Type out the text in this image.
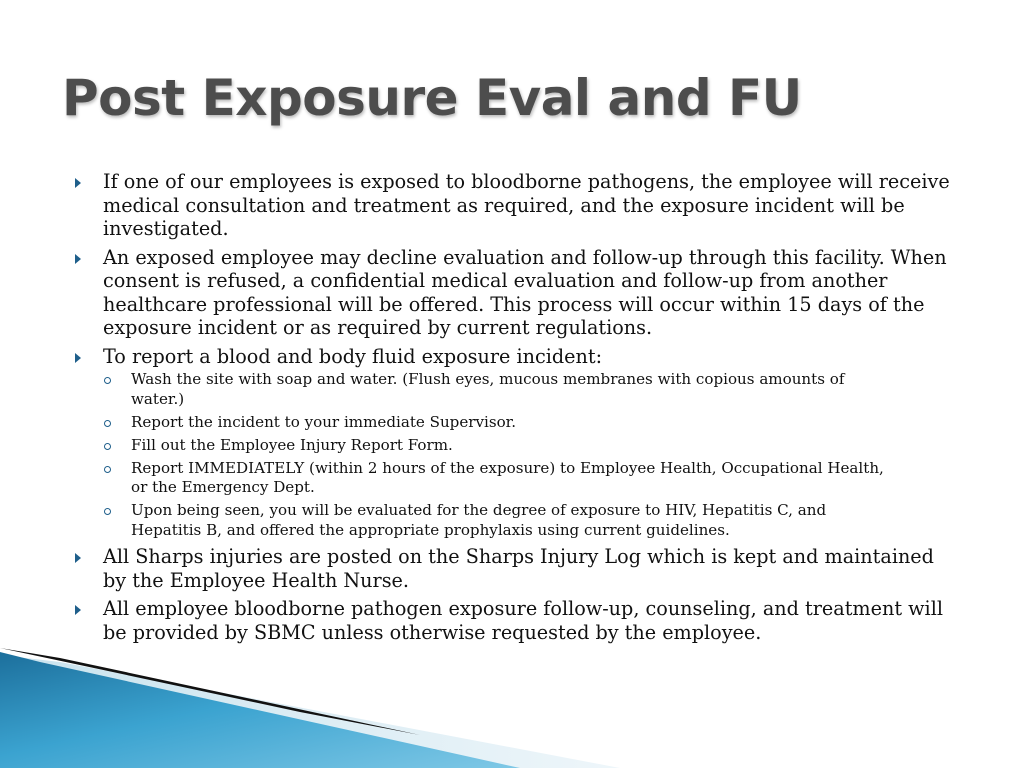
Post Exposure Eval and FU
If one of our employees is exposed to bloodborne pathogens, the employee will receive medical consultation and treatment as required, and the exposure incident will be investigated.
An exposed employee may decline evaluation and follow-up through this facility. When consent is refused, a confidential medical evaluation and follow-up from another healthcare professional will be offered. This process will occur within 15 days of the exposure incident or as required by current regulations.
To report a blood and body fluid exposure incident:
Wash the site with soap and water. (Flush eyes, mucous membranes with copious amounts of water.)
Report the incident to your immediate Supervisor.
Fill out the Employee Injury Report Form.
Report IMMEDIATELY (within 2 hours of the exposure) to Employee Health, Occupational Health, or the Emergency Dept.
Upon being seen, you will be evaluated for the degree of exposure to HIV, Hepatitis C, and Hepatitis B, and offered the appropriate prophylaxis using current guidelines.
All Sharps injuries are posted on the Sharps Injury Log which is kept and maintained by the Employee Health Nurse.
All employee bloodborne pathogen exposure follow-up, counseling, and treatment will be provided by SBMC unless otherwise requested by the employee.
